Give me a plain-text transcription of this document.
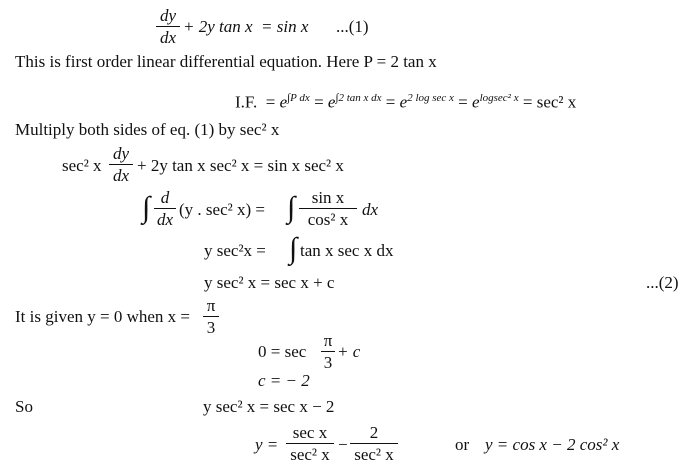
dy
dx
+ 2y tan x  = sin x ...(1)
This is first order linear differential equation. Here P = 2 tan x
I.F.  = $e^{\int P dx} = e^{\int 2 tan x dx} = e^{2 log sec x} = e^{logsec^2 x} = \sec^2$ x
Multiply both sides of eq. (1) by sec² x
sec² x
dy
dx
+ 2y tan x sec² x = sin x sec² x
∫ d
dx
(y . sec² x) = ∫ sin x
cos² x
dx
y sec²x = ∫ tan x sec x dx
y sec² x = sec x + c	...(2)
It is given y = 0 when x =
π
3
0 = sec
π
3
+ c
c = − 2
So	y sec² x = sec x − 2
y =
sec x
sec² x
−
2
sec² x
or y = cos x − 2 cos² x
